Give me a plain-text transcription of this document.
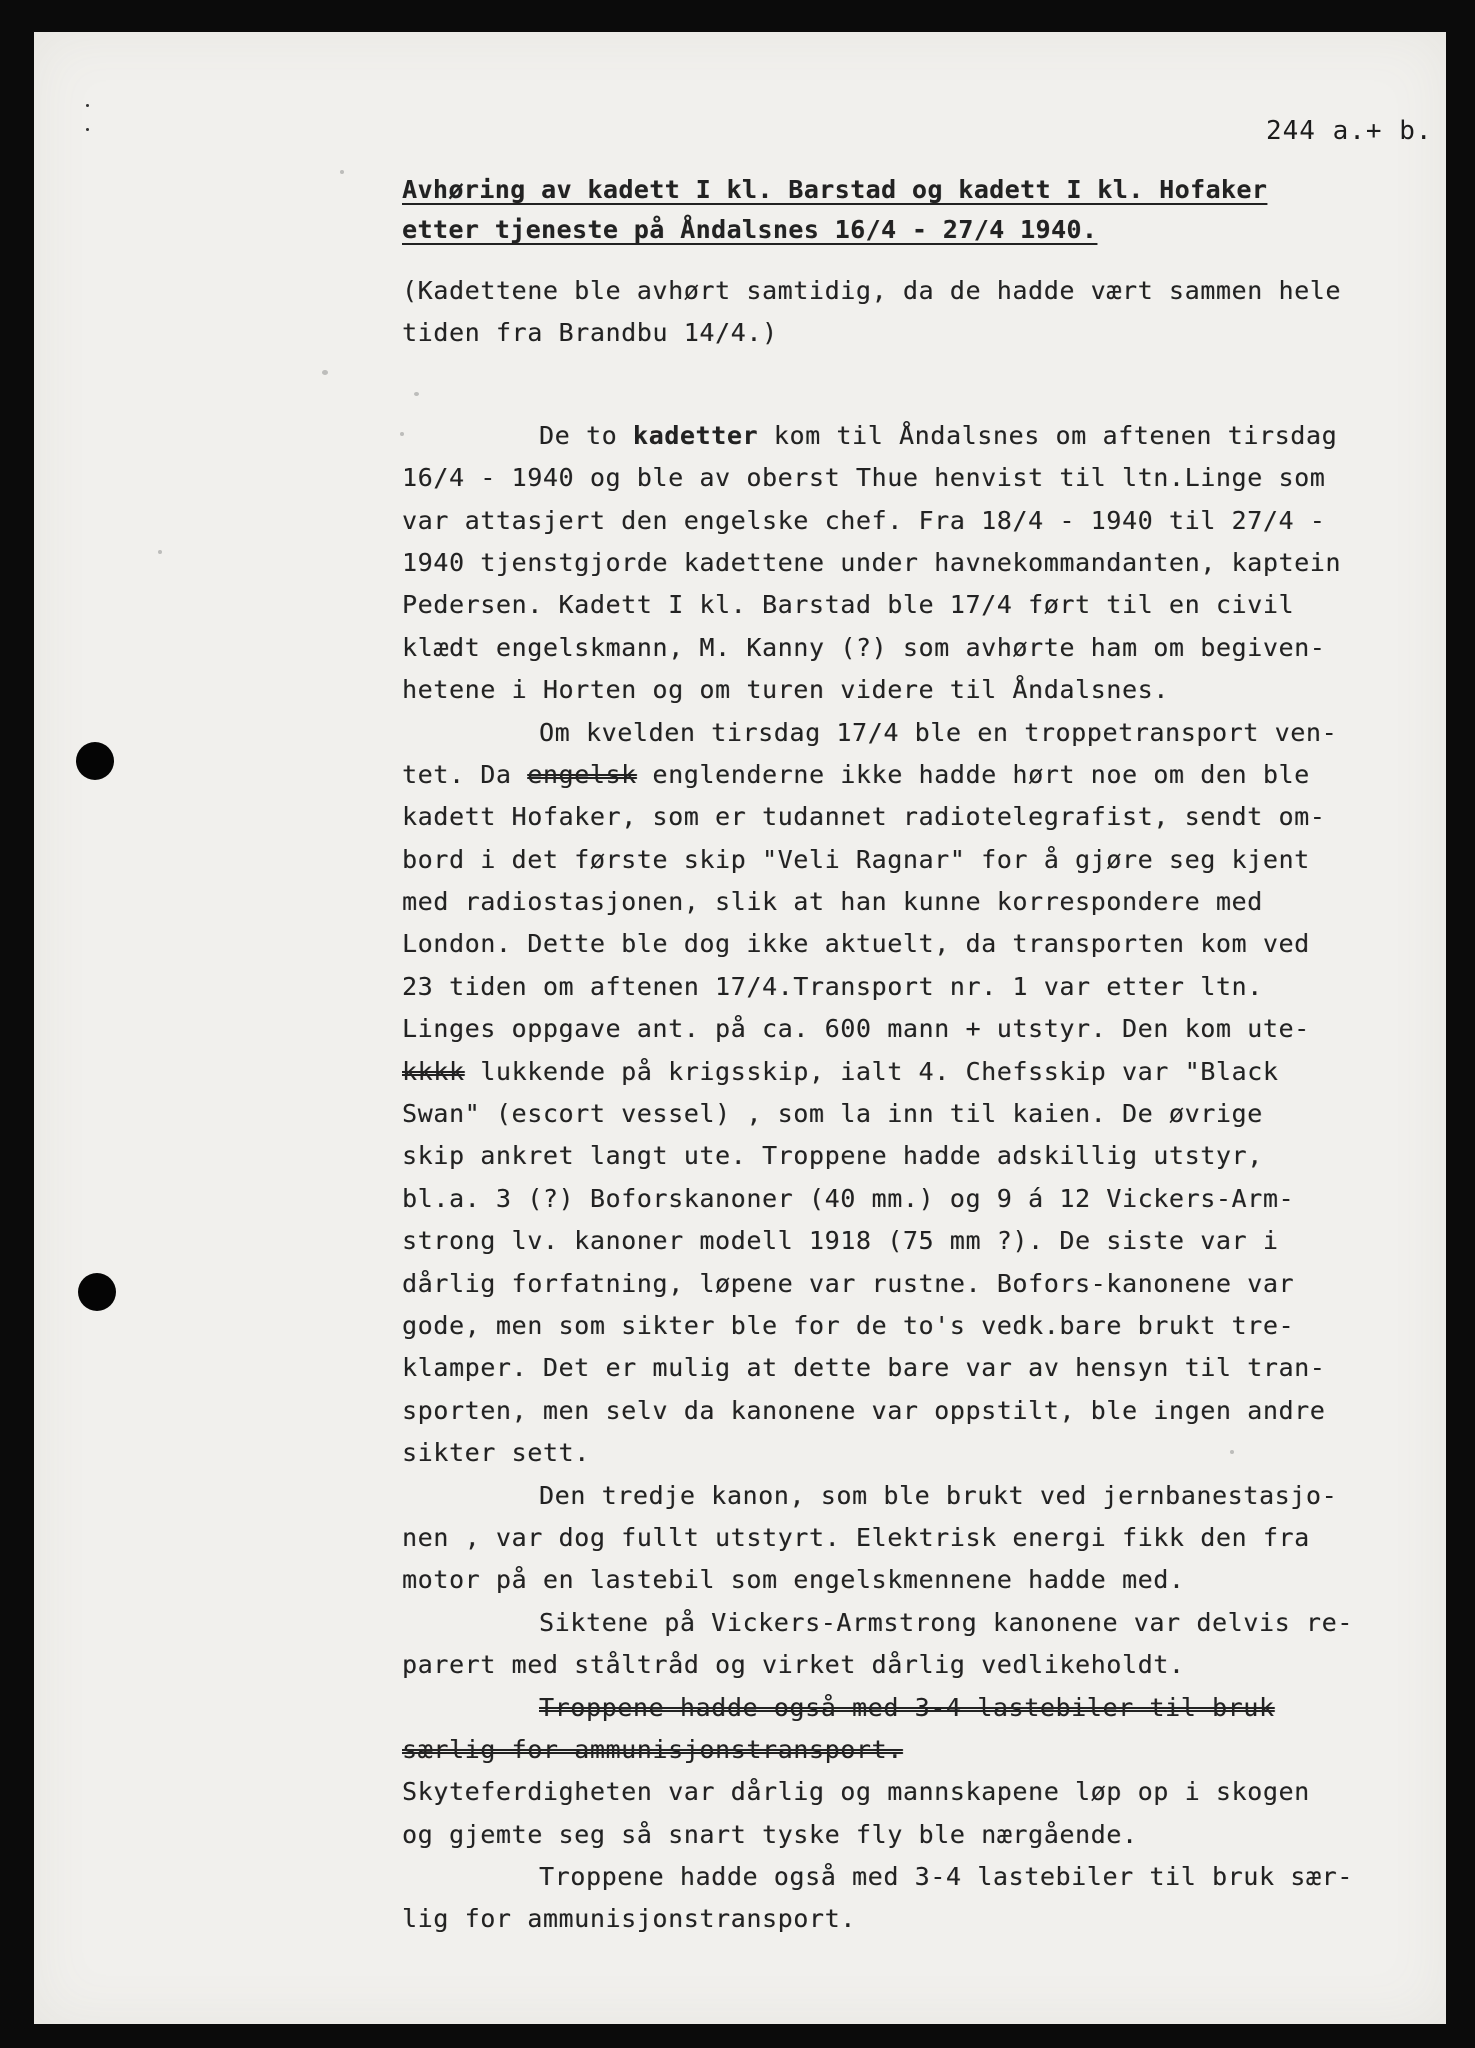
244 a.+ b.
Avhøring av kadett I kl. Barstad og kadett I kl. Hofaker
etter tjeneste på Åndalsnes 16/4 - 27/4 1940.
(Kadettene ble avhørt samtidig, da de hadde vært sammen hele
tiden fra Brandbu 14/4.)
De to kadetter kom til Åndalsnes om aftenen tirsdag
16/4 - 1940 og ble av oberst Thue henvist til ltn.Linge som
var attasjert den engelske chef. Fra 18/4 - 1940 til 27/4 -
1940 tjenstgjorde kadettene under havnekommandanten, kaptein
Pedersen. Kadett I kl. Barstad ble 17/4 ført til en civil
klædt engelskmann, M. Kanny (?) som avhørte ham om begiven-
hetene i Horten og om turen videre til Åndalsnes.
Om kvelden tirsdag 17/4 ble en troppetransport ven-
tet. Da engelsk englenderne ikke hadde hørt noe om den ble
kadett Hofaker, som er tudannet radiotelegrafist, sendt om-
bord i det første skip "Veli Ragnar" for å gjøre seg kjent
med radiostasjonen, slik at han kunne korrespondere med
London. Dette ble dog ikke aktuelt, da transporten kom ved
23 tiden om aftenen 17/4.Transport nr. 1 var etter ltn.
Linges oppgave ant. på ca. 600 mann + utstyr. Den kom ute-
kkkk lukkende på krigsskip, ialt 4. Chefsskip var "Black
Swan" (escort vessel) , som la inn til kaien. De øvrige
skip ankret langt ute. Troppene hadde adskillig utstyr,
bl.a. 3 (?) Boforskanoner (40 mm.) og 9 á 12 Vickers-Arm-
strong lv. kanoner modell 1918 (75 mm ?). De siste var i
dårlig forfatning, løpene var rustne. Bofors-kanonene var
gode, men som sikter ble for de to's vedk.bare brukt tre-
klamper. Det er mulig at dette bare var av hensyn til tran-
sporten, men selv da kanonene var oppstilt, ble ingen andre
sikter sett.
Den tredje kanon, som ble brukt ved jernbanestasjo-
nen , var dog fullt utstyrt. Elektrisk energi fikk den fra
motor på en lastebil som engelskmennene hadde med.
Siktene på Vickers-Armstrong kanonene var delvis re-
parert med ståltråd og virket dårlig vedlikeholdt.
Troppene hadde også med 3-4 lastebiler til bruk
særlig for ammunisjonstransport.
Skyteferdigheten var dårlig og mannskapene løp op i skogen
og gjemte seg så snart tyske fly ble nærgående.
Troppene hadde også med 3-4 lastebiler til bruk sær-
lig for ammunisjonstransport.
